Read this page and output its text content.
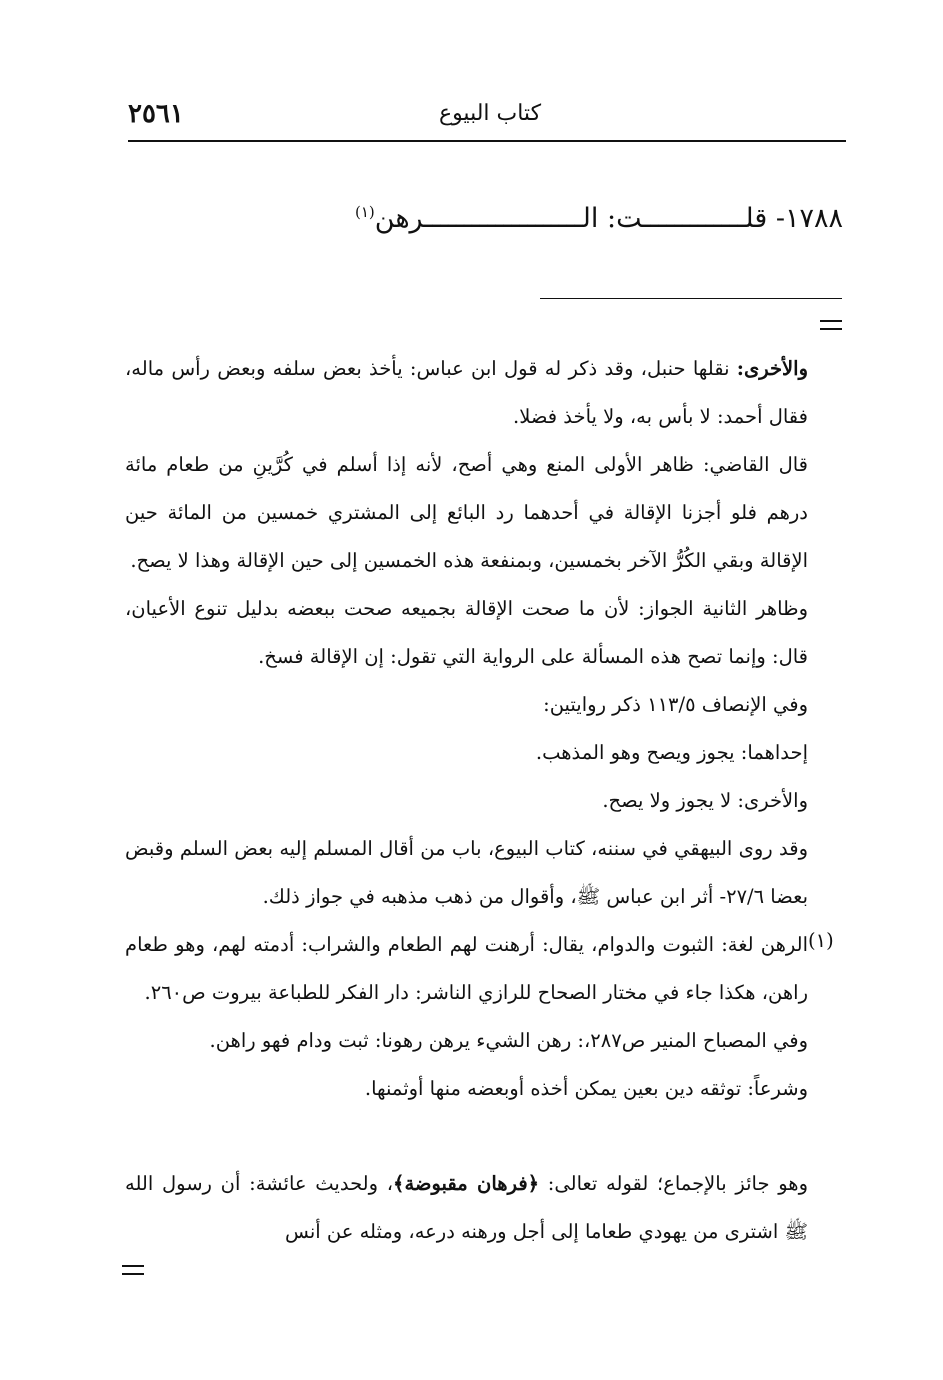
٢٥٦١	كتاب البيوع
١٧٨٨- قلـــــــــــــت: الــــــــــــــــــــرهن$^{(١)}$

والأخرى: نقلها حنبل، وقد ذكر له قول ابن عباس: يأخذ بعض سلفه وبعض رأس ماله، فقال أحمد: لا بأس به، ولا يأخذ فضلا.

قال القاضي: ظاهر الأولى المنع وهي أصح، لأنه إذا أسلم في كُرَّينِ من طعام مائة درهم فلو أجزنا الإقالة في أحدهما رد البائع إلى المشتري خمسين من المائة حين الإقالة وبقي الكُرُّ الآخر بخمسين، وبمنفعة هذه الخمسين إلى حين الإقالة وهذا لا يصح.

وظاهر الثانية الجواز: لأن ما صحت الإقالة بجميعه صحت ببعضه بدليل تنوع الأعيان، قال: وإنما تصح هذه المسألة على الرواية التي تقول: إن الإقالة فسخ.

وفي الإنصاف ١١٣/٥ ذكر روايتين:

إحداهما: يجوز ويصح وهو المذهب.

والأخرى: لا يجوز ولا يصح.

وقد روى البيهقي في سننه، كتاب البيوع، باب من أقال المسلم إليه بعض السلم وقبض بعضا ٢٧/٦- أثر ابن عباس ﷺ، وأقوال من ذهب مذهبه في جواز ذلك.

الرهن لغة: الثبوت والدوام، يقال: أرهنت لهم الطعام والشراب: أدمته لهم، وهو طعام راهن، هكذا جاء في مختار الصحاح للرازي الناشر: دار الفكر للطباعة بيروت ص٢٦٠.

وفي المصباح المنير ص٢٨٧،: رهن الشيء يرهن رهونا: ثبت ودام فهو راهن.

وشرعاً: توثقه دين بعين يمكن أخذه أوبعضه منها أوثمنها.

(١)

وهو جائز بالإجماع؛ لقوله تعالى: ﴿فرهان مقبوضة﴾، ولحديث عائشة: أن رسول الله ﷺ اشترى من يهودي طعاما إلى أجل ورهنه درعه، ومثله عن أنس
